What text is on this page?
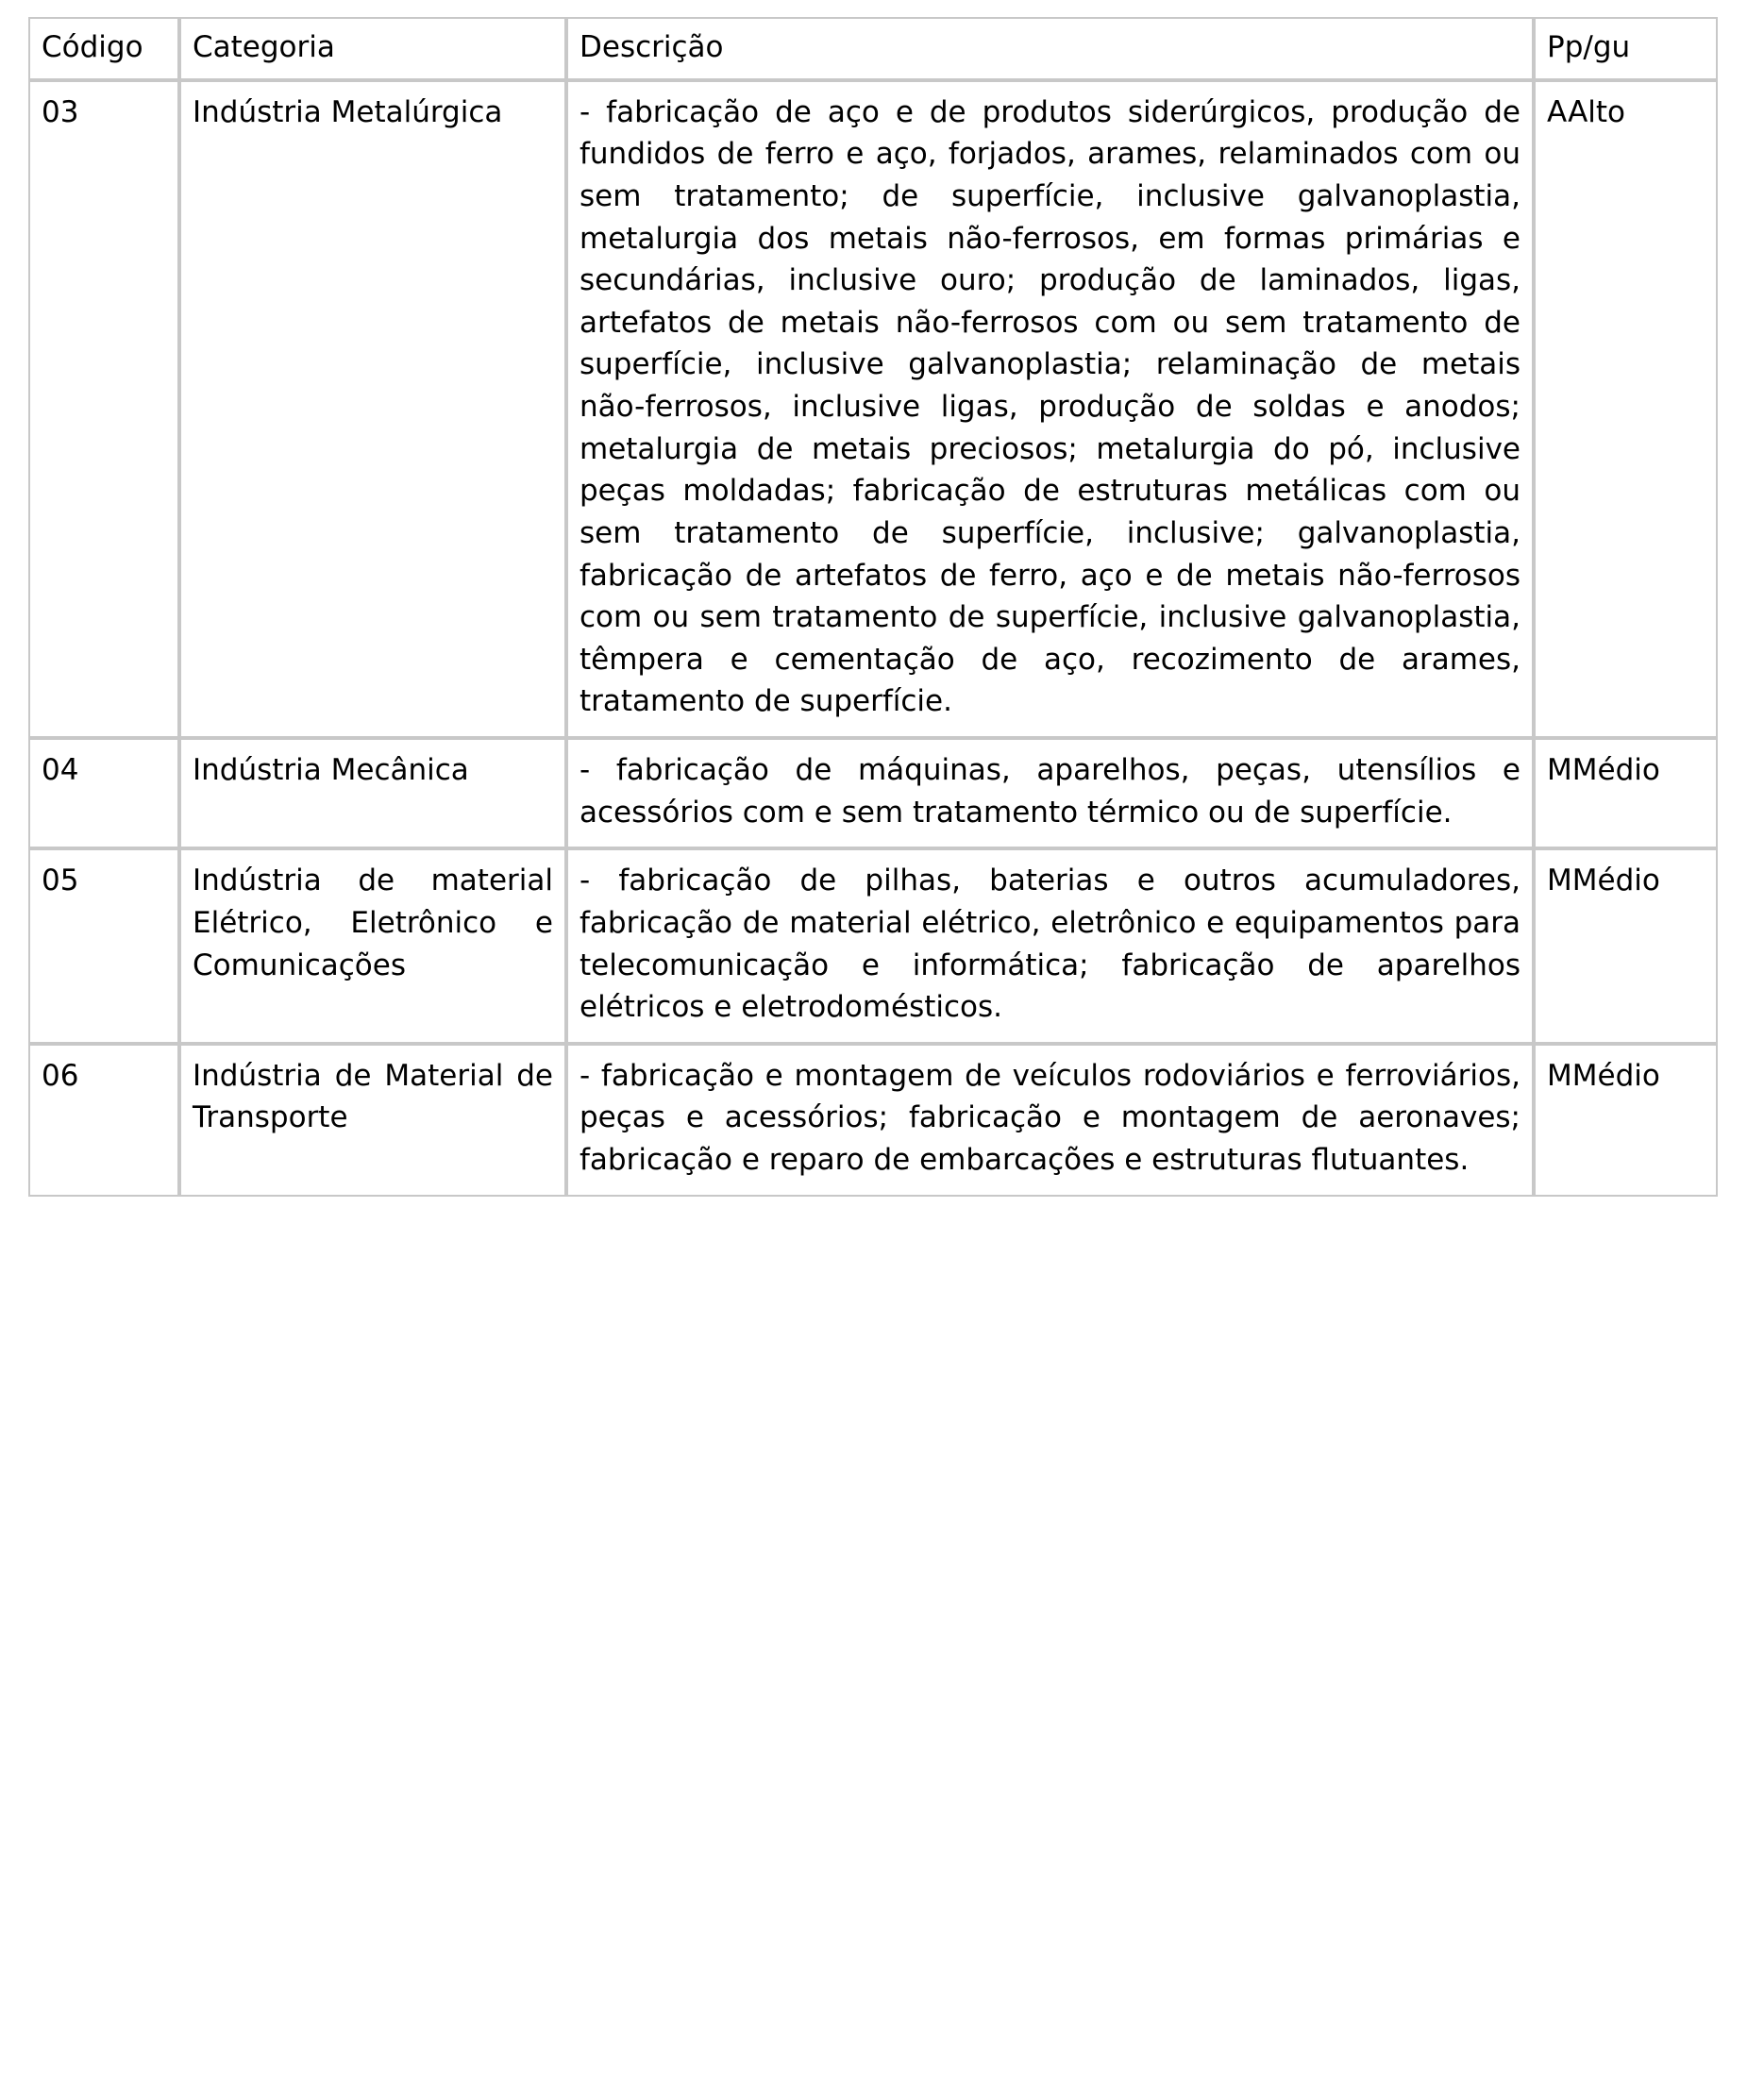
Código	Categoria	Descrição	Pp/gu
03	Indústria Metalúrgica	- fabricação de aço e de produtos siderúrgicos, produção de fundidos de ferro e aço, forjados, arames, relaminados com ou sem tratamento; de superfície, inclusive galvanoplastia, metalurgia dos metais não-ferrosos, em formas primárias e secundárias, inclusive ouro; produção de laminados, ligas, artefatos de metais não-ferrosos com ou sem tratamento de superfície, inclusive galvanoplastia; relaminação de metais não-ferrosos, inclusive ligas, produção de soldas e anodos; metalurgia de metais preciosos; metalurgia do pó, inclusive peças moldadas; fabricação de estruturas metálicas com ou sem tratamento de superfície, inclusive; galvanoplastia, fabricação de artefatos de ferro, aço e de metais não-ferrosos com ou sem tratamento de superfície, inclusive galvanoplastia, têmpera e cementação de aço, recozimento de arames, tratamento de superfície.	AAlto
04	Indústria Mecânica	- fabricação de máquinas, aparelhos, peças, utensílios e acessórios com e sem tratamento térmico ou de superfície.	MMédio
05	Indústria de material Elétrico, Eletrônico e Comunicações	- fabricação de pilhas, baterias e outros acumuladores, fabricação de material elétrico, eletrônico e equipamentos para telecomunicação e informática; fabricação de aparelhos elétricos e eletrodomésticos.	MMédio
06	Indústria de Material de Transporte	- fabricação e montagem de veículos rodoviários e ferroviários, peças e acessórios; fabricação e montagem de aeronaves; fabricação e reparo de embarcações e estruturas flutuantes.	MMédio
